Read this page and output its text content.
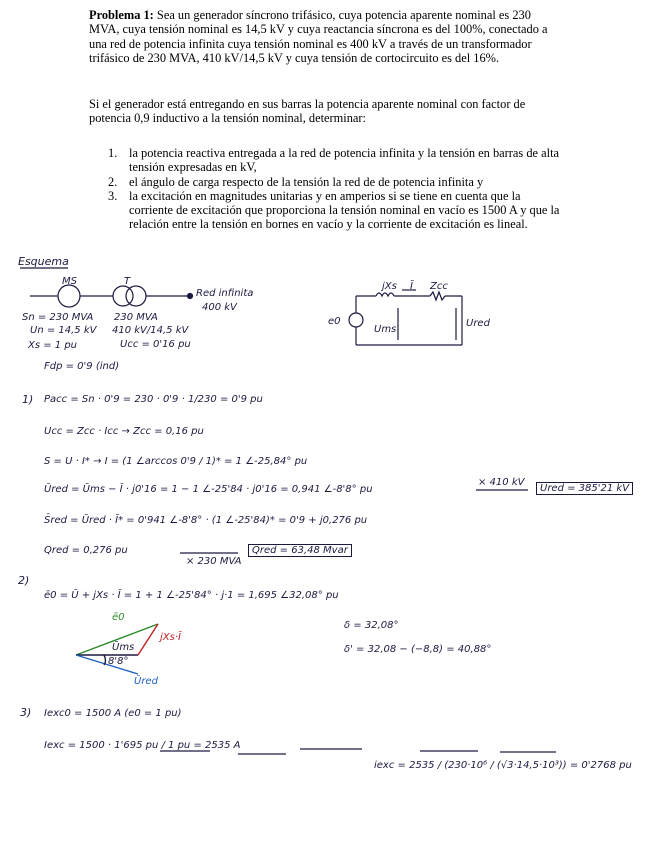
Problema 1: Sea un generador síncrono trifásico, cuya potencia aparente nominal es 230 MVA, cuya tensión nominal es 14,5 kV y cuya reactancia síncrona es del 100%, conectado a una red de potencia infinita cuya tensión nominal es 400 kV a través de un transformador trifásico de 230 MVA, 410 kV/14,5 kV y cuya tensión de cortocircuito es del 16%.
Si el generador está entregando en sus barras la potencia aparente nominal con factor de potencia 0,9 inductivo a la tensión nominal, determinar:
1. la potencia reactiva entregada a la red de potencia infinita y la tensión en barras de alta tensión expresadas en kV,
2. el ángulo de carga respecto de la tensión la red de de potencia infinita y
3. la excitación en magnitudes unitarias y en amperios si se tiene en cuenta que la corriente de excitación que proporciona la tensión nominal en vacío es 1500 A y que la relación entre la tensión en bornes en vacío y la corriente de excitación es lineal.
Esquema
MS	T
Red infinita
400 kV
Sn = 230 MVA
Un = 14,5 kV
Xs = 1 pu
Fdp = 0'9 (ind)
230 MVA
410 kV/14,5 kV
Ucc = 0'16 pu
jXs Ī Zcc
e0
Ums
Ured
1) Pacc = Sn · 0'9 = 230 · 0'9 · 1/230 = 0'9 pu
Ucc = Zcc · Icc → Zcc = 0,16 pu
S = U · I* → I = (1 ∠arccos 0'9 / 1)* = 1 ∠-25,84° pu
Ūred = Ūms − Ī · j0'16 = 1 − 1 ∠-25'84 · j0'16 = 0,941 ∠-8'8° pu
× 410 kV
Ured = 385'21 kV
S̄red = Ūred · Ī* = 0'941 ∠-8'8° · (1 ∠-25'84)* = 0'9 + j0,276 pu
Qred = 0,276 pu
× 230 MVA
Qred = 63,48 Mvar
2)
ē0 = Ū + jXs · Ī = 1 + 1 ∠-25'84° · j·1 = 1,695 ∠32,08° pu
δ = 32,08°
δ' = 32,08 − (−8,8) = 40,88°
ē0
Ūms
8'8°
jXs·Ī
Ūred
3) Iexc0 = 1500 A (e0 = 1 pu)
Iexc = 1500 · 1'695 pu / 1 pu = 2535 A
iexc = 2535 / (230·10⁶ / (√3·14,5·10³)) = 0'2768 pu
